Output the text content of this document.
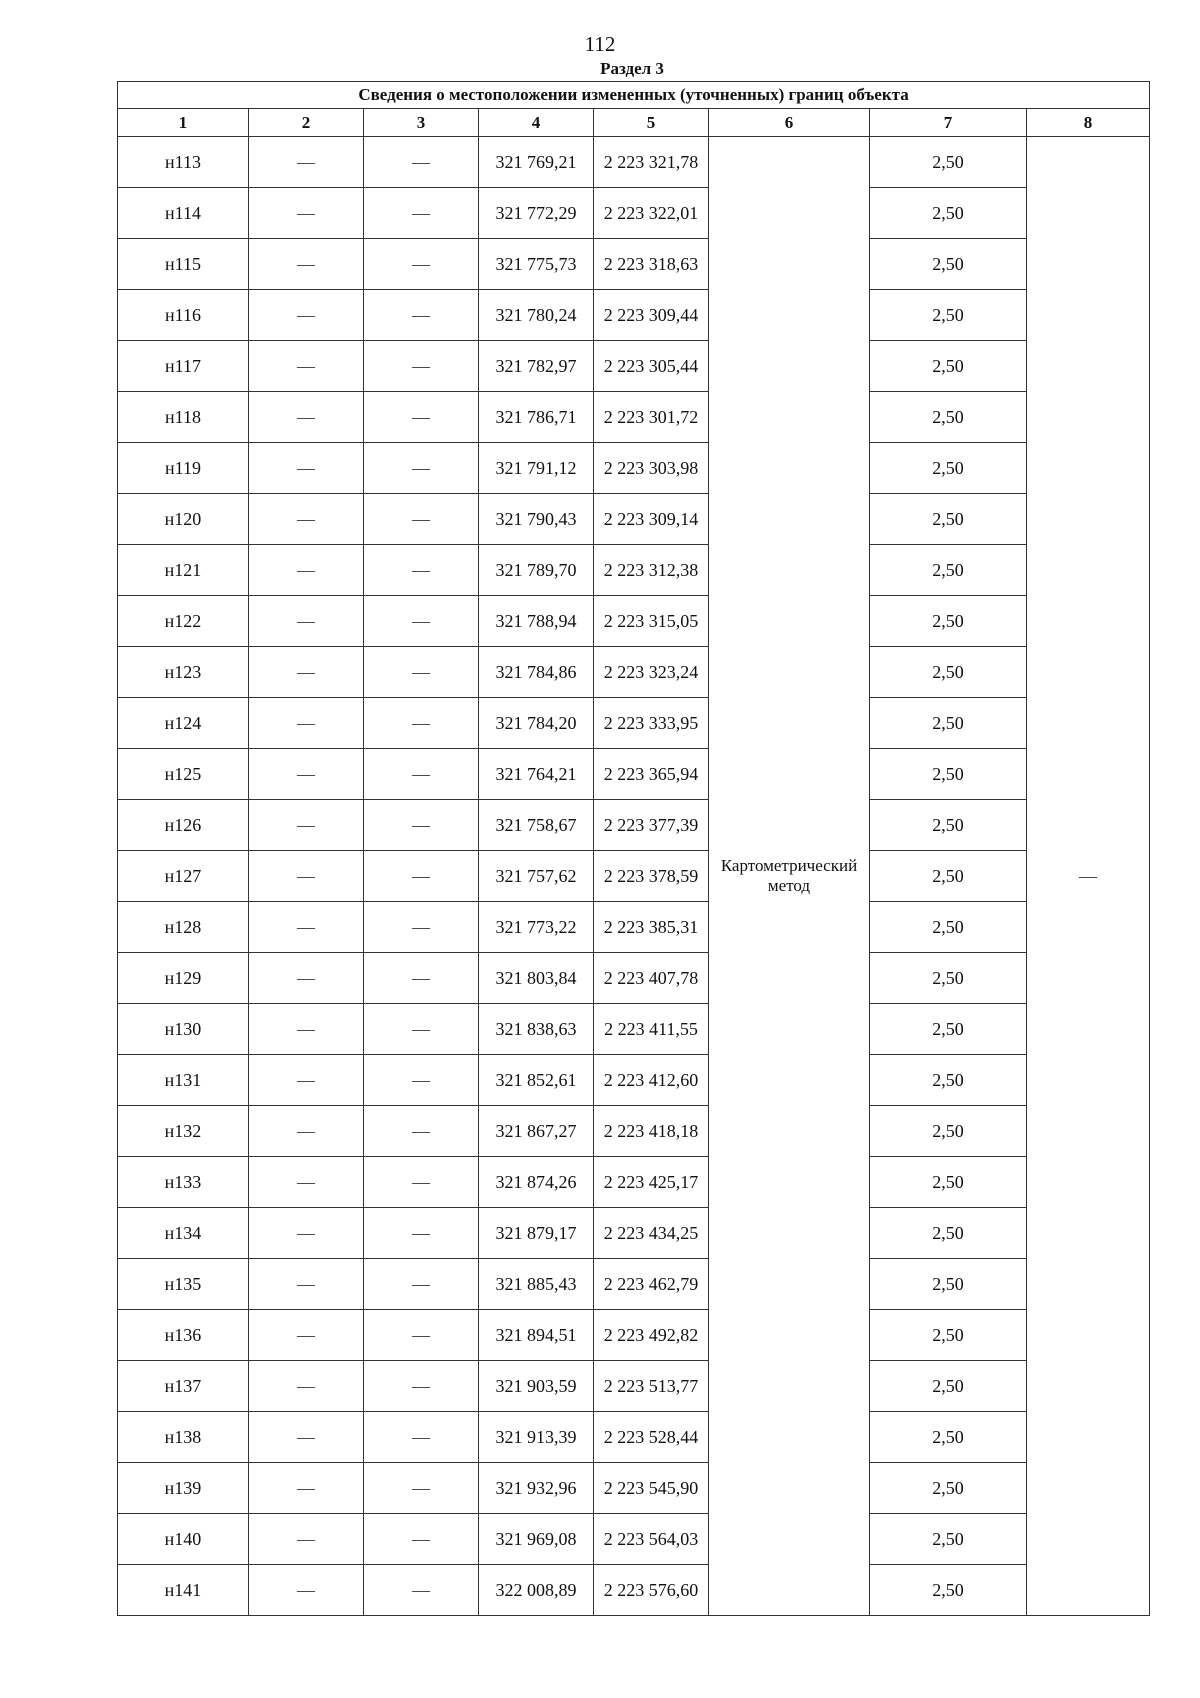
112
Раздел 3
Сведения о местоположении измененных (уточненных) границ объекта							
1	2	3	4	5	6	7	8
н113	—	—	321 769,21	2 223 321,78	Картометрический метод	2,50	—
н114	—	—	321 772,29	2 223 322,01		2,50	
н115	—	—	321 775,73	2 223 318,63		2,50	
н116	—	—	321 780,24	2 223 309,44		2,50	
н117	—	—	321 782,97	2 223 305,44		2,50	
н118	—	—	321 786,71	2 223 301,72		2,50	
н119	—	—	321 791,12	2 223 303,98		2,50	
н120	—	—	321 790,43	2 223 309,14		2,50	
н121	—	—	321 789,70	2 223 312,38		2,50	
н122	—	—	321 788,94	2 223 315,05		2,50	
н123	—	—	321 784,86	2 223 323,24		2,50	
н124	—	—	321 784,20	2 223 333,95		2,50	
н125	—	—	321 764,21	2 223 365,94		2,50	
н126	—	—	321 758,67	2 223 377,39		2,50	
н127	—	—	321 757,62	2 223 378,59		2,50	
н128	—	—	321 773,22	2 223 385,31		2,50	
н129	—	—	321 803,84	2 223 407,78		2,50	
н130	—	—	321 838,63	2 223 411,55		2,50	
н131	—	—	321 852,61	2 223 412,60		2,50	
н132	—	—	321 867,27	2 223 418,18		2,50	
н133	—	—	321 874,26	2 223 425,17		2,50	
н134	—	—	321 879,17	2 223 434,25		2,50	
н135	—	—	321 885,43	2 223 462,79		2,50	
н136	—	—	321 894,51	2 223 492,82		2,50	
н137	—	—	321 903,59	2 223 513,77		2,50	
н138	—	—	321 913,39	2 223 528,44		2,50	
н139	—	—	321 932,96	2 223 545,90		2,50	
н140	—	—	321 969,08	2 223 564,03		2,50	
н141	—	—	322 008,89	2 223 576,60		2,50	
